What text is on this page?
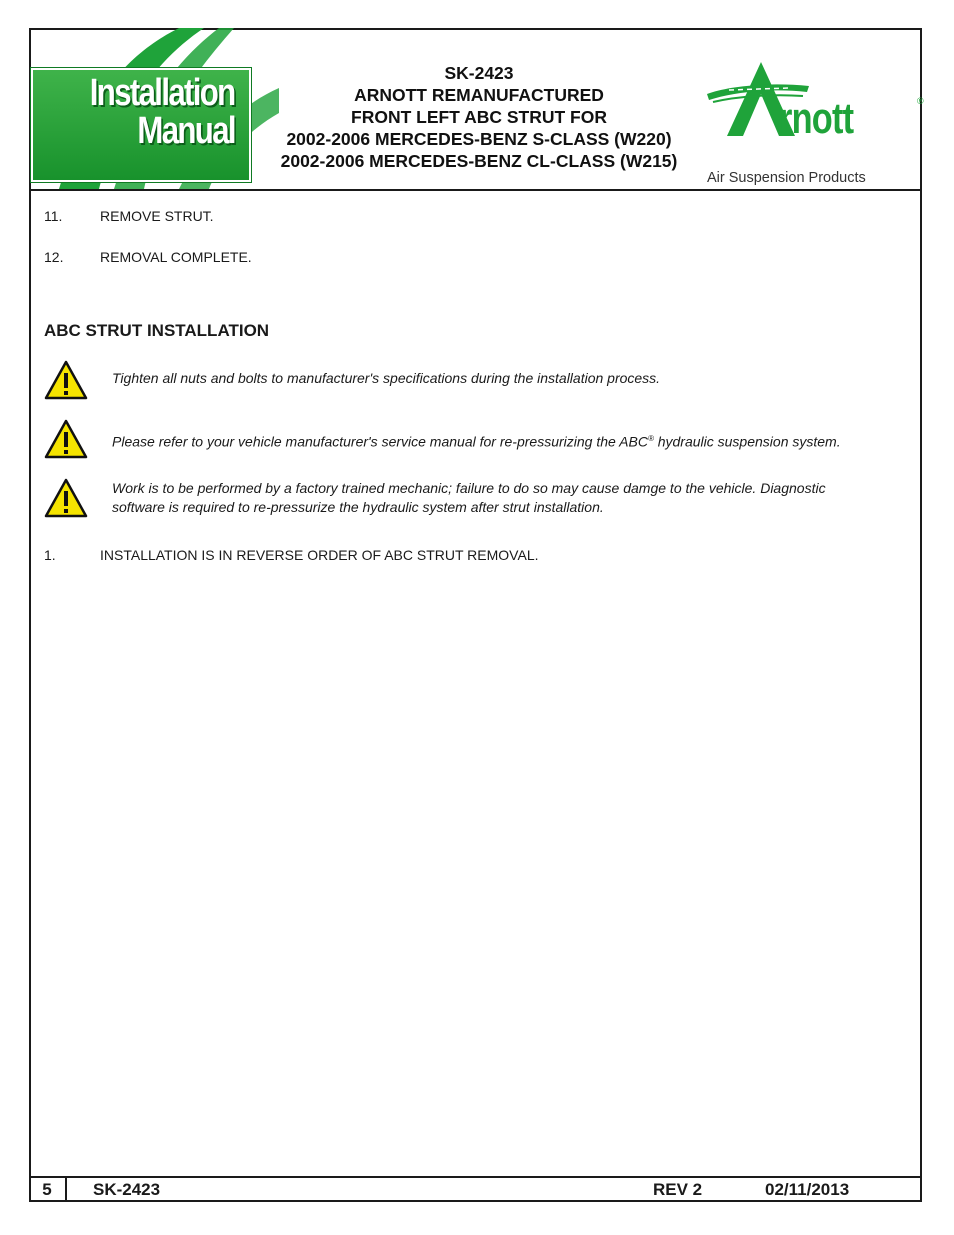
Installation
Manual
SK-2423
ARNOTT REMANUFACTURED
FRONT LEFT ABC STRUT FOR
2002-2006 MERCEDES-BENZ S-CLASS (W220)
2002-2006 MERCEDES-BENZ CL-CLASS (W215)
rnott	®
Air Suspension Products
11.	REMOVE STRUT.
12.	REMOVAL COMPLETE.
ABC STRUT INSTALLATION
Tighten all nuts and bolts to manufacturer's specifications during the installation process.
Please refer to your vehicle manufacturer's service manual for re-pressurizing the ABC® hydraulic suspension system.
Work is to be performed by a factory trained mechanic; failure to do so may cause damge to the vehicle. Diagnostic
software is required to re-pressurize the hydraulic system after strut installation.
1.	INSTALLATION IS IN REVERSE ORDER OF ABC STRUT REMOVAL.
5	SK-2423	REV 2	02/11/2013
